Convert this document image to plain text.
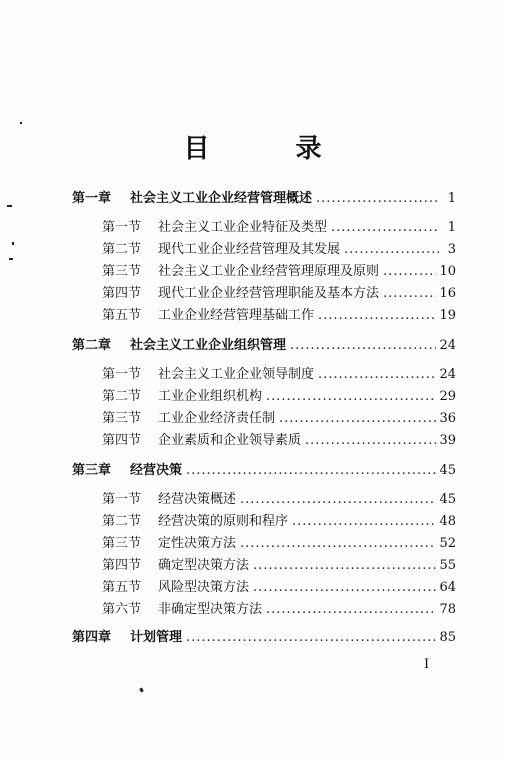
目　录
第一章	社会主义工业企业经营管理概述 .....	1
第一节	社会主义工业企业特征及类型 .....	1
第二节	现代工业企业经营管理及其发展 .....	3
第三节	社会主义工业企业经营管理原理及原则 .....	10
第四节	现代工业企业经营管理职能及基本方法 .....	16
第五节	工业企业经营管理基础工作 .....	19
第二章	社会主义工业企业组织管理 .....	24
第一节	社会主义工业企业领导制度 .....	24
第二节	工业企业组织机构 .....	29
第三节	工业企业经济责任制 .....	36
第四节	企业素质和企业领导素质 .....	39
第三章	经营决策 .....	45
第一节	经营决策概述 .....	45
第二节	经营决策的原则和程序 .....	48
第三节	定性决策方法 .....	52
第四节	确定型决策方法 .....	55
第五节	风险型决策方法 .....	64
第六节	非确定型决策方法 .....	78
第四章	计划管理 .....	85
I
